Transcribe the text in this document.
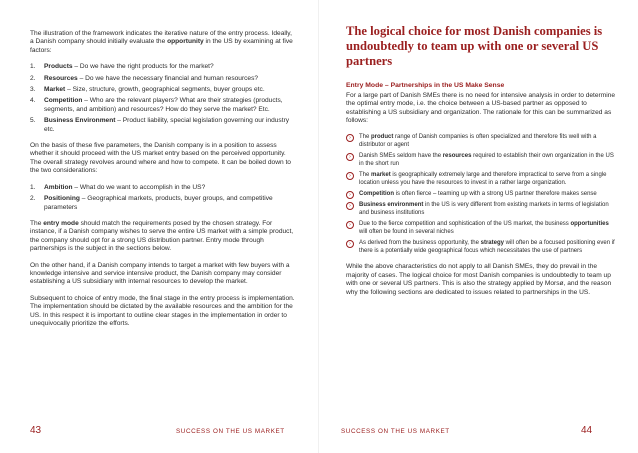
The illustration of the framework indicates the iterative nature of the entry process. Ideally, a Danish company should initially evaluate the opportunity in the US by examining at five factors:

1. Products – Do we have the right products for the market?
2. Resources – Do we have the necessary financial and human resources?
3. Market – Size, structure, growth, geographical segments, buyer groups etc.
4. Competition – Who are the relevant players? What are their strategies (products, segments, and ambition) and resources? How do they serve the market? Etc.
5. Business Environment – Product liability, special legislation governing our industry etc.

On the basis of these five parameters, the Danish company is in a position to assess whether it should proceed with the US market entry based on the perceived opportunity. The overall strategy revolves around where and how to compete. It can be boiled down to the two considerations:

1. Ambition – What do we want to accomplish in the US?
2. Positioning – Geographical markets, products, buyer groups, and competitive parameters

The entry mode should match the requirements posed by the chosen strategy. For instance, if a Danish company wishes to serve the entire US market with a simple product, the company should opt for a strong US distribution partner. Entry mode through partnerships is the subject in the sections below.

On the other hand, if a Danish company intends to target a market with few buyers with a knowledge intensive and service intensive product, the Danish company may consider establishing a US subsidiary with internal resources to develop the market.

Subsequent to choice of entry mode, the final stage in the entry process is implementation. The implementation should be dictated by the available resources and the ambition for the US. In this respect it is important to outline clear stages in the implementation in order to unequivocally prioritize the efforts.

43	SUCCESS ON THE US MARKET
The logical choice for most Danish companies is undoubtedly to team up with one or several US partners
Entry Mode – Partnerships in the US Make Sense

For a large part of Danish SMEs there is no need for intensive analysis in order to determine the optimal entry mode, i.e. the choice between a US-based partner as opposed to establishing a US subsidiary and organization. The rationale for this can be summarized as follows:

›	The product range of Danish companies is often specialized and therefore fits well with a distributor or agent
›	Danish SMEs seldom have the resources required to establish their own organization in the US in the short run
›	The market is geographically extremely large and therefore impractical to serve from a single location unless you have the resources to invest in a rather large organization.
›	Competition is often fierce – teaming up with a strong US partner therefore makes sense
›	Business environment in the US is very different from existing markets in terms of legislation and business institutions
›	Due to the fierce competition and sophistication of the US market, the business opportunities will often be found in several niches
›	As derived from the business opportunity, the strategy will often be a focused positioning even if there is a potentially wide geographical focus which necessitates the use of partners

While the above characteristics do not apply to all Danish SMEs, they do prevail in the majority of cases. The logical choice for most Danish companies is undoubtedly to team up with one or several US partners. This is also the strategy applied by Morsø, and the reason why the following sections are dedicated to issues related to partnerships in the US.

SUCCESS ON THE US MARKET	44
